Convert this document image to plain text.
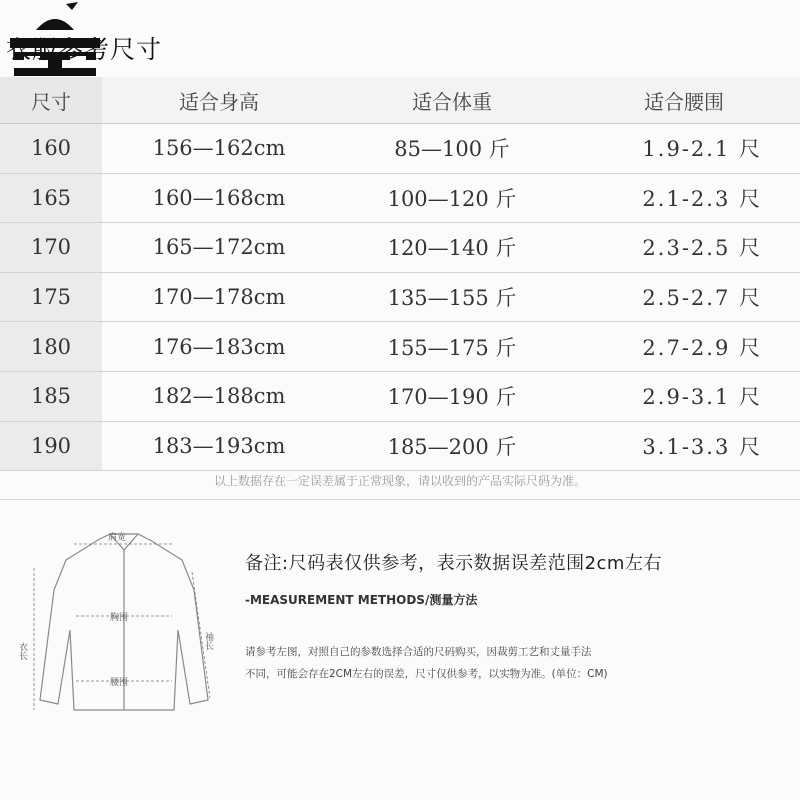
衣服参考尺寸
尺寸	适合身高	适合体重	适合腰围
160	156—162cm	85—100 斤	1.9-2.1 尺
165	160—168cm	100—120 斤	2.1-2.3 尺
170	165—172cm	120—140 斤	2.3-2.5 尺
175	170—178cm	135—155 斤	2.5-2.7 尺
180	176—183cm	155—175 斤	2.7-2.9 尺
185	182—188cm	170—190 斤	2.9-3.1 尺
190	183—193cm	185—200 斤	3.1-3.3 尺
以上数据存在一定误差属于正常现象，请以收到的产品实际尺码为准。
肩宽
胸围
腰围
衣长
袖长

备注:尺码表仅供参考，表示数据误差范围2cm左右

-MEASUREMENT METHODS/测量方法

请参考左图，对照自己的参数选择合适的尺码购买，因裁剪工艺和丈量手法

不同，可能会存在2CM左右的误差，尺寸仅供参考，以实物为准。(单位：CM)
